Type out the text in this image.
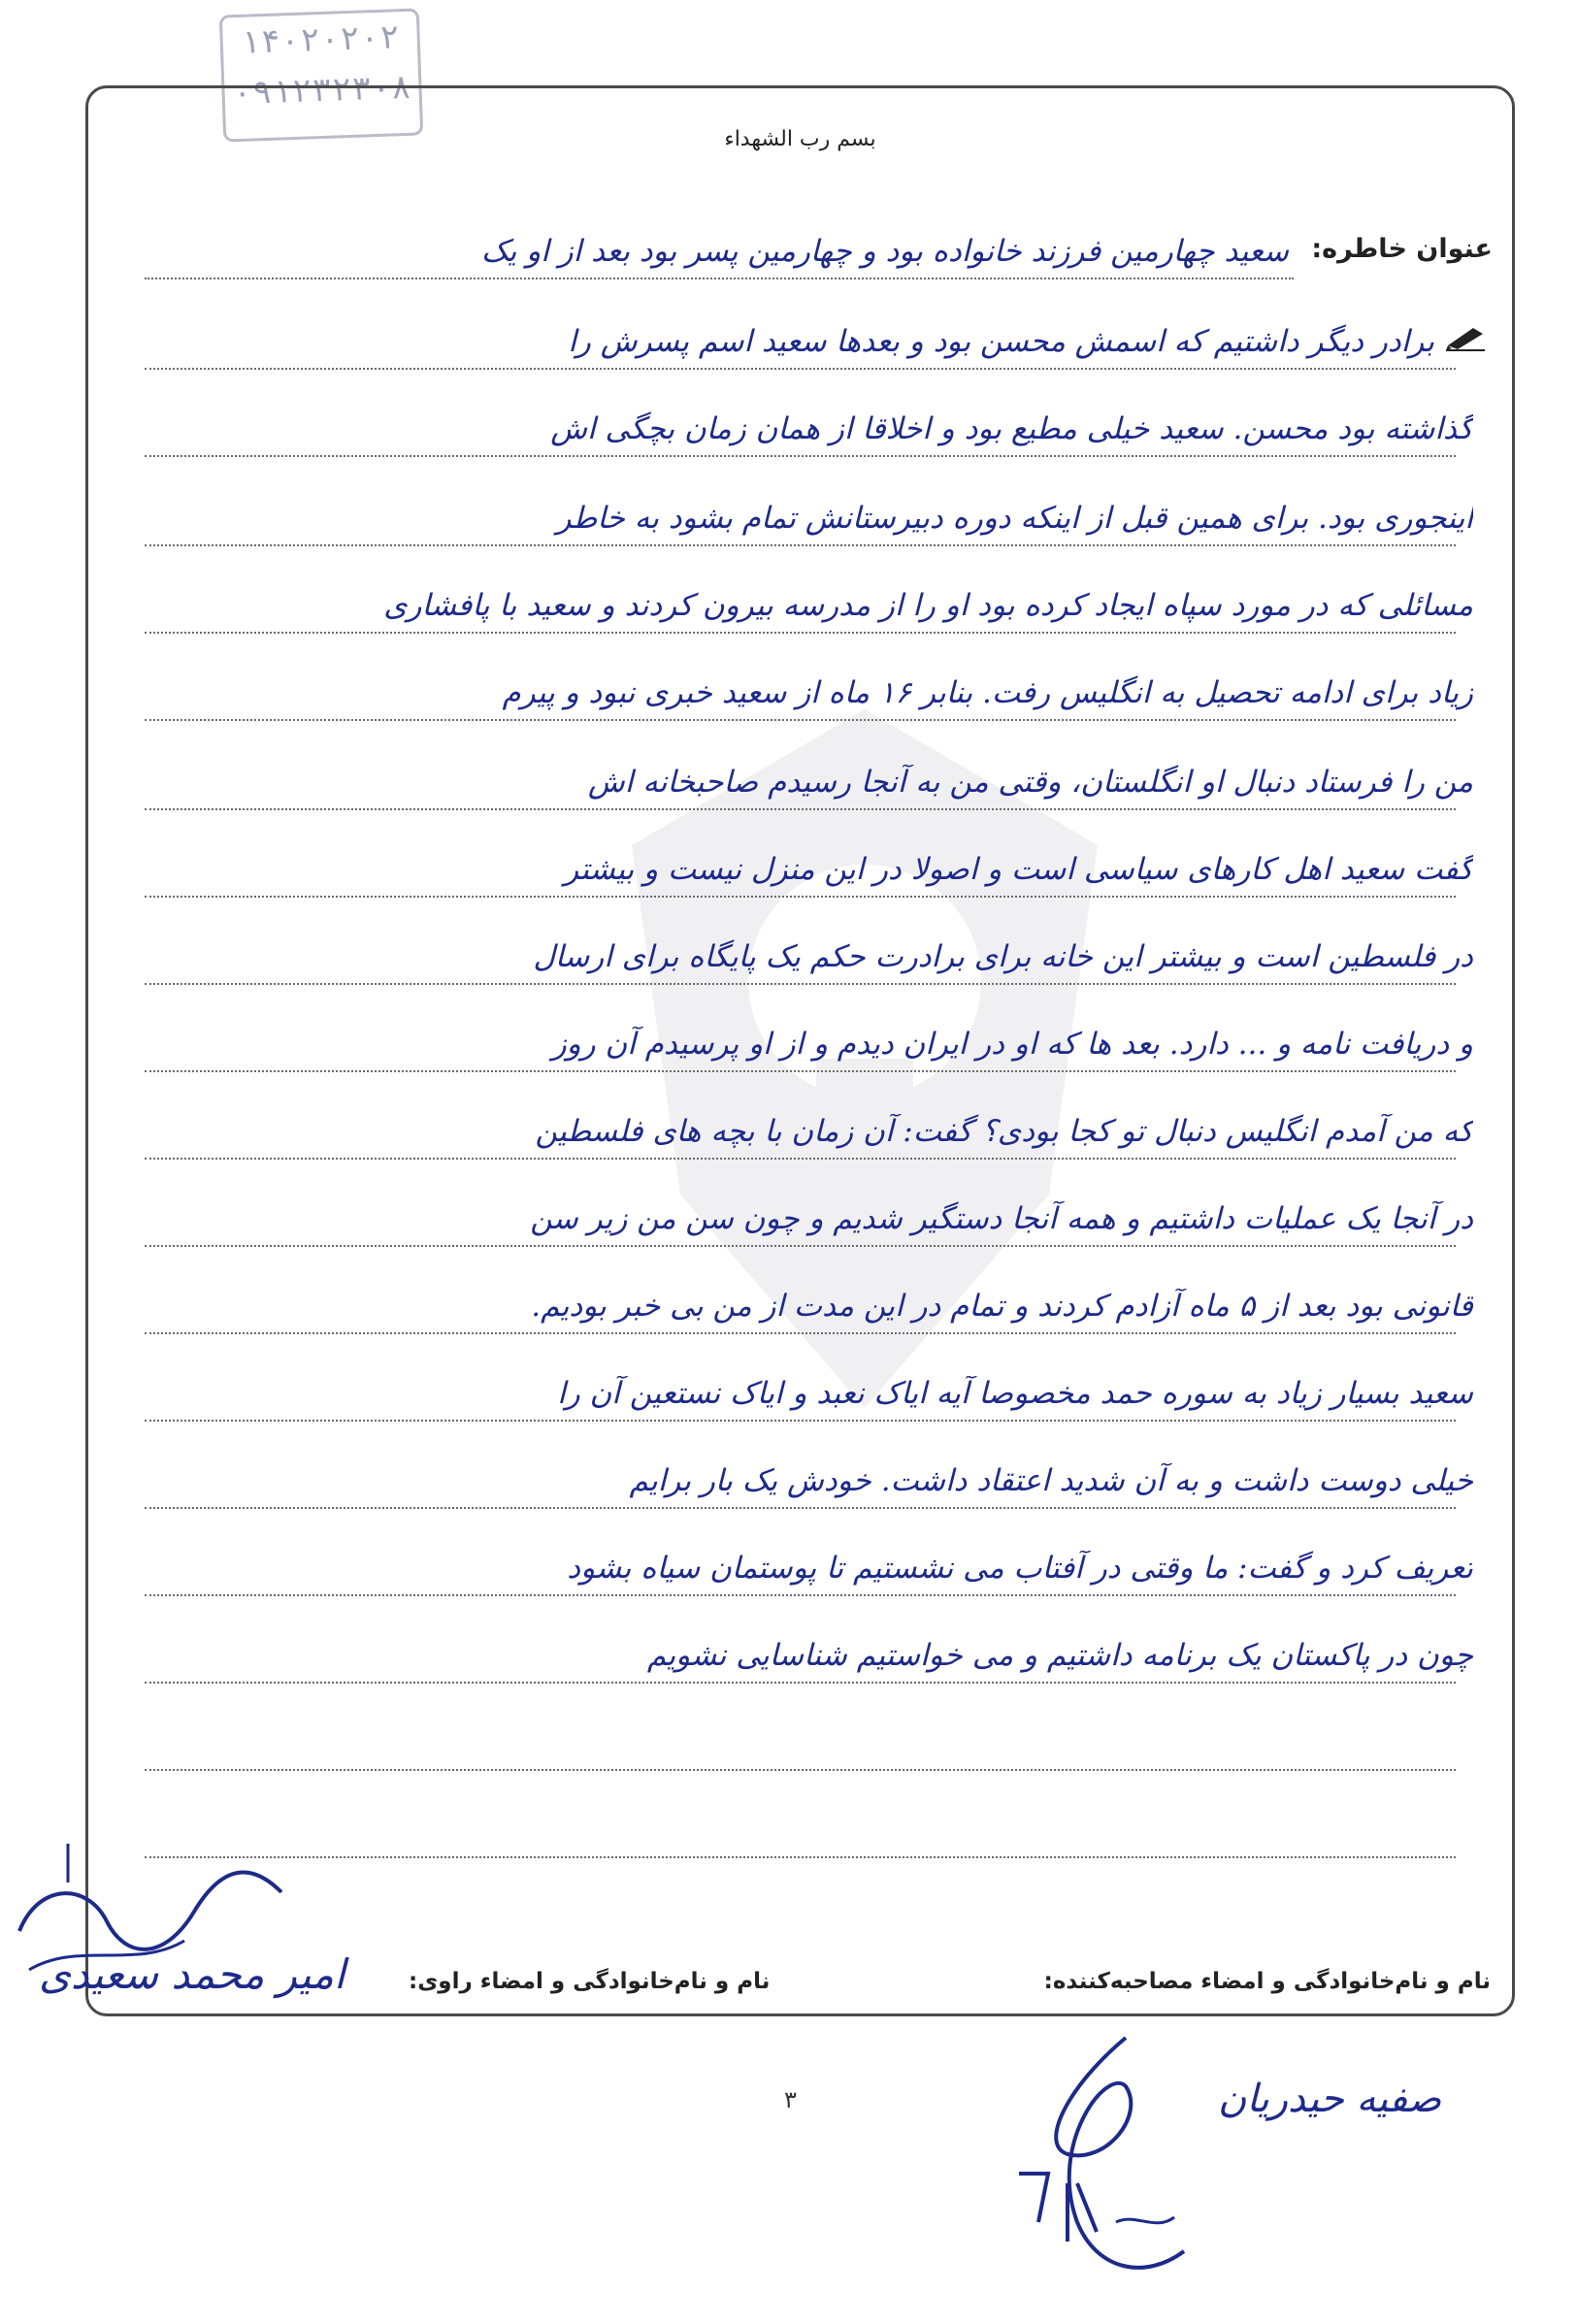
۱۴۰۲۰۲۰۲
۰۹۱۲۳۲۳۰۸
بسم رب الشهداء
عنوان خاطره:
سعید چهارمین فرزند خانواده بود و چهارمین پسر بود بعد از او یک
برادر دیگر داشتیم که اسمش محسن بود و بعدها سعید اسم پسرش را
گذاشته بود محسن. سعید خیلی مطیع بود و اخلاقا از همان زمان بچگی اش
اینجوری بود. برای همین قبل از اینکه دوره دبیرستانش تمام بشود به خاطر
مسائلی که در مورد سپاه ایجاد کرده بود او را از مدرسه بیرون کردند و سعید با پافشاری
زیاد برای ادامه تحصیل به انگلیس رفت. بنابر ۱۶ ماه از سعید خبری نبود و پیرم
من را فرستاد دنبال او انگلستان، وقتی من به آنجا رسیدم صاحبخانه اش
گفت سعید اهل کارهای سیاسی است و اصولا در این منزل نیست و بیشتر
در فلسطین است و بیشتر این خانه برای برادرت حکم یک پایگاه برای ارسال
و دریافت نامه و ... دارد. بعد ها که او در ایران دیدم و از او پرسیدم آن روز
که من آمدم انگلیس دنبال تو کجا بودی؟ گفت: آن زمان با بچه های فلسطین
در آنجا یک عملیات داشتیم و همه آنجا دستگیر شدیم و چون سن من زیر سن
قانونی بود بعد از ۵ ماه آزادم کردند و تمام در این مدت از من بی خبر بودیم.
سعید بسیار زیاد به سوره حمد مخصوصا آیه ایاک نعبد و ایاک نستعین آن را
خیلی دوست داشت و به آن شدید اعتقاد داشت. خودش یک بار برایم
تعریف کرد و گفت: ما وقتی در آفتاب می نشستیم تا پوستمان سیاه بشود
چون در پاکستان یک برنامه داشتیم و می خواستیم شناسایی نشویم
نام و نام‌خانوادگی و امضاء مصاحبه‌کننده:
نام و نام‌خانوادگی و امضاء راوی:
امیر محمد سعیدی
۳	صفیه حیدریان
